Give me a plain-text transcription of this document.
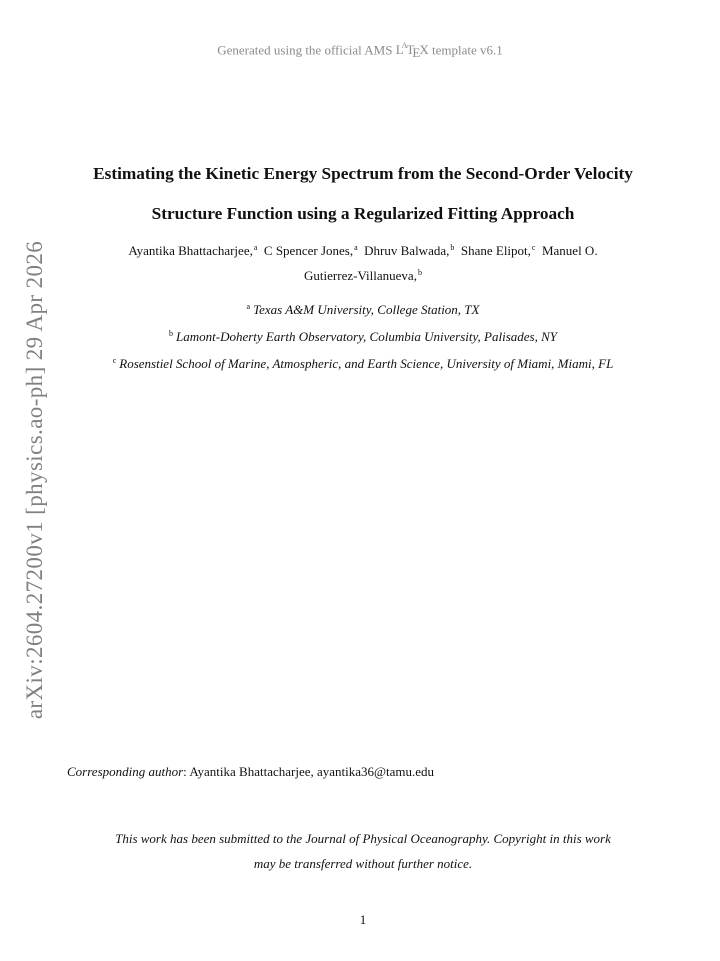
Generated using the official AMS $L^AT_EX$ template v6.1
arXiv:2604.27200v1 [physics.ao-ph] 29 Apr 2026
Estimating the Kinetic Energy Spectrum from the Second-Order Velocity
Structure Function using a Regularized Fitting Approach
Ayantika Bhattacharjee,$^a$ C Spencer Jones,$^a$ Dhruv Balwada,$^b$ Shane Elipot,$^c$ Manuel O.
Gutierrez-Villanueva,$^b$
$^a$ Texas A&M University, College Station, TX
$^b$ Lamont-Doherty Earth Observatory, Columbia University, Palisades, NY
$^c$ Rosenstiel School of Marine, Atmospheric, and Earth Science, University of Miami, Miami, FL
Corresponding author: Ayantika Bhattacharjee, ayantika36@tamu.edu
This work has been submitted to the Journal of Physical Oceanography. Copyright in this work
may be transferred without further notice.
1
